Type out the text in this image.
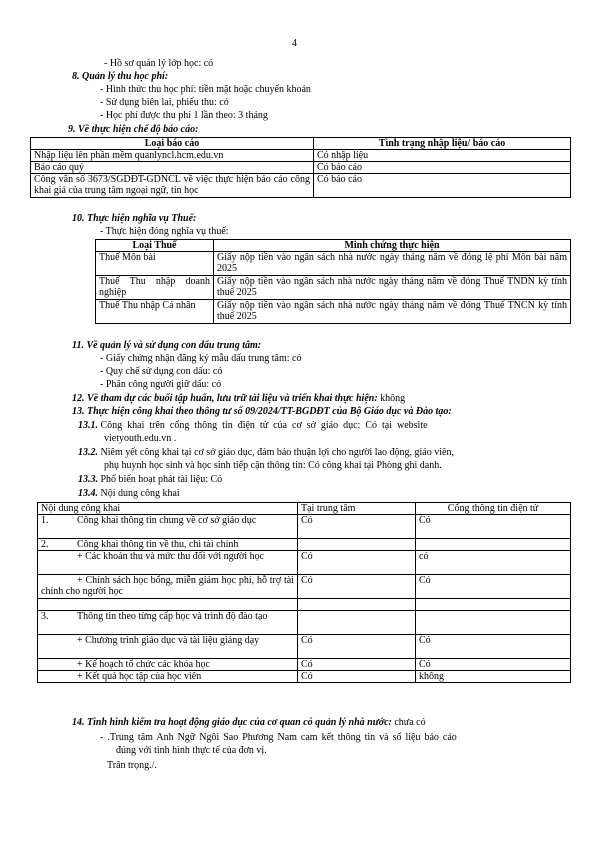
4
- Hồ sơ quản lý lớp học: có
8. Quản lý thu học phí:
- Hình thức thu học phí: tiền mặt hoặc chuyển khoản
- Sử dụng biên lai, phiếu thu: có
- Học phí được thu phí 1 lần theo: 3 tháng
9. Về thực hiện chế độ báo cáo:
Loại báo cáo	Tình trạng nhập liệu/ báo cáo
Nhập liệu lên phần mềm quanlyncl.hcm.edu.vn	Có nhập liệu
Báo cáo quý	Có báo cáo
Công văn số 3673/SGDĐT-GDNCL về việc thực hiện báo cáo công khai giá của trung tâm ngoại ngữ, tin học	Có báo cáo
10. Thực hiện nghĩa vụ Thuế:
- Thực hiện đóng nghĩa vụ thuế:
Loại Thuế	Minh chứng thực hiện
Thuế Môn bài	Giấy nộp tiền vào ngân sách nhà nước ngày tháng năm về đóng lệ phí Môn bài năm 2025
Thuế Thu nhập doanh nghiệp	Giấy nộp tiền vào ngân sách nhà nước ngày tháng năm về đóng Thuế TNDN kỳ tính thuế 2025
Thuế Thu nhập Cá nhân	Giấy nộp tiền vào ngân sách nhà nước ngày tháng năm về đóng Thuế TNCN kỳ tính thuế 2025
11. Về quản lý và sử dụng con dấu trung tâm:
- Giấy chứng nhận đăng ký mẫu dấu trung tâm: có
- Quy chế sử dụng con dấu: có
- Phân công người giữ dấu: có
12. Về tham dự các buổi tập huấn, lưu trữ tài liệu và triển khai thực hiện: không
13. Thực hiện công khai theo thông tư số 09/2024/TT-BGDĐT của Bộ Giáo dục và Đào tạo:
13.1. Công khai trên cổng thông tin điện tử của cơ sở giáo dục: Có tại website
vietyouth.edu.vn .
13.2. Niêm yết công khai tại cơ sở giáo dục, đảm bảo thuận lợi cho người lao động, giáo viên,
phụ huynh học sinh và học sinh tiếp cận thông tin: Có công khai tại Phòng ghi danh.
13.3. Phổ biến hoạt phát tài liệu: Có
13.4. Nội dung công khai
Nội dung công khai	Tại trung tâm	Cổng thông tin điện tử
1. Công khai thông tin chung về cơ sở giáo dục	Có	Có
2. Công khai thông tin về thu, chi tài chính		
+ Các khoản thu và mức thu đối với người học	Có	có
+ Chính sách học bổng, miễn giảm học phí, hỗ trợ tài chính cho người học	Có	Có

3. Thông tin theo từng cấp học và trình độ đào tạo		
+ Chương trình giáo dục và tài liệu giảng dạy	Có	Có
+ Kế hoạch tổ chức các khóa học	Có	Có
+ Kết quả học tập của học viên	Có	không
14. Tình hình kiểm tra hoạt động giáo dục của cơ quan có quản lý nhà nước: chưa có
- .Trung tâm Anh Ngữ Ngôi Sao Phương Nam cam kết thông tin và số liệu báo cáo
đúng với tình hình thực tế của đơn vị.
Trân trọng./.
